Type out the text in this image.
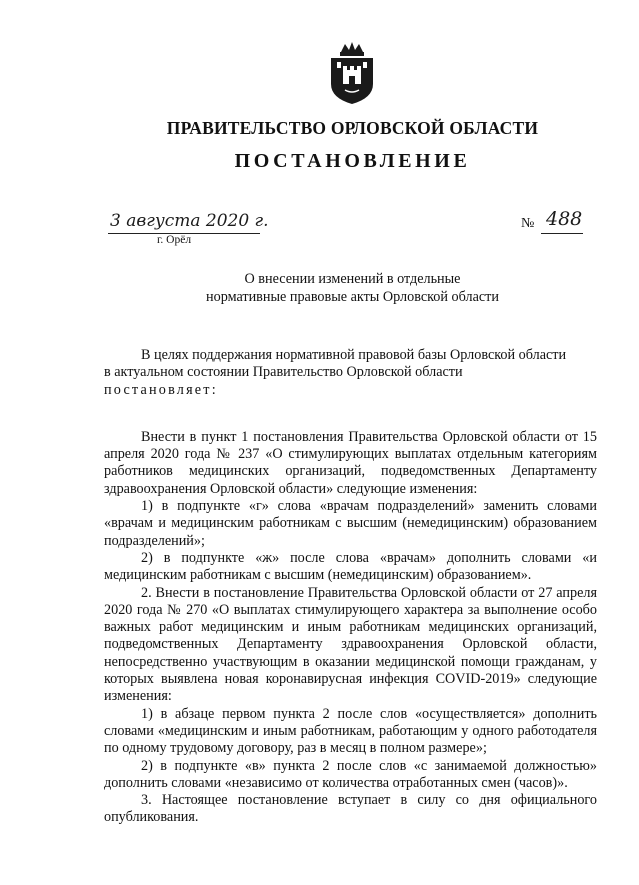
ПРАВИТЕЛЬСТВО ОРЛОВСКОЙ ОБЛАСТИ
ПОСТАНОВЛЕНИЕ
3 августа 2020 г.
г. Орёл
№ 488
О внесении изменений в отдельные
нормативные правовые акты Орловской области

В целях поддержания нормативной правовой базы Орловской области

в актуальном состоянии Правительство Орловской области

постановляет:

Внести в пункт 1 постановления Правительства Орловской области от 15 апреля 2020 года № 237 «О стимулирующих выплатах отдельным категориям работников медицинских организаций, подведомственных Департаменту здравоохранения Орловской области» следующие изменения:

1) в подпункте «г» слова «врачам подразделений» заменить словами «врачам и медицинским работникам с высшим (немедицинским) образованием подразделений»;

2) в подпункте «ж» после слова «врачам» дополнить словами «и медицинским работникам с высшим (немедицинским) образованием».

2. Внести в постановление Правительства Орловской области от 27 апреля 2020 года № 270 «О выплатах стимулирующего характера за выполнение особо важных работ медицинским и иным работникам медицинских организаций, подведомственных Департаменту здравоохранения Орловской области, непосредственно участвующим в оказании медицинской помощи гражданам, у которых выявлена новая коронавирусная инфекция COVID-2019» следующие изменения:

1) в абзаце первом пункта 2 после слов «осуществляется» дополнить словами «медицинским и иным работникам, работающим у одного работодателя по одному трудовому договору, раз в месяц в полном размере»;

2) в подпункте «в» пункта 2 после слов «с занимаемой должностью» дополнить словами «независимо от количества отработанных смен (часов)».

3. Настоящее постановление вступает в силу со дня официального опубликования.
